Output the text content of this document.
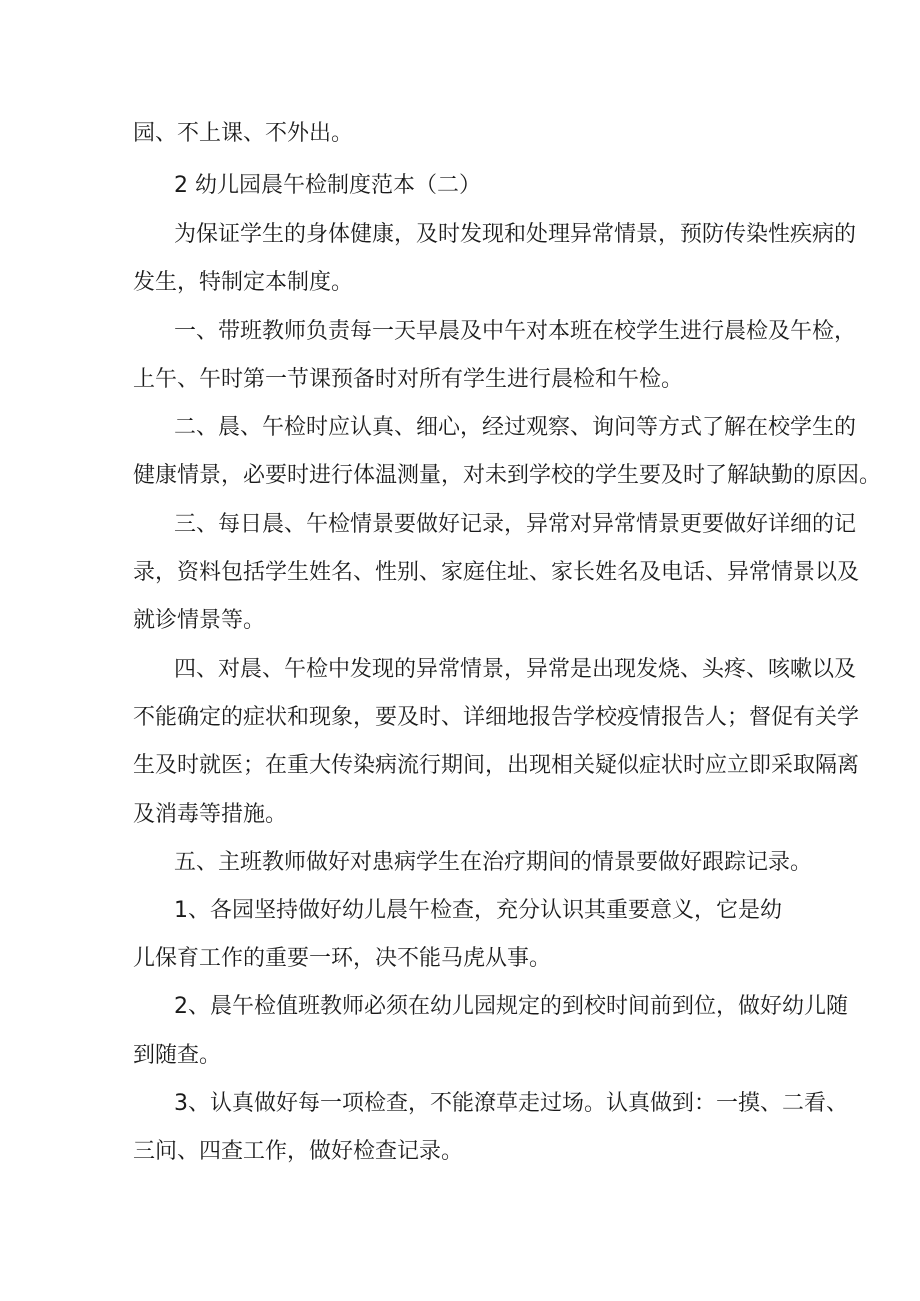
园、不上课、不外出。
2 幼儿园晨午检制度范本（二）
为保证学生的身体健康，及时发现和处理异常情景，预防传染性疾病的
发生，特制定本制度。
一、带班教师负责每一天早晨及中午对本班在校学生进行晨检及午检，
上午、午时第一节课预备时对所有学生进行晨检和午检。
二、晨、午检时应认真、细心，经过观察、询问等方式了解在校学生的
健康情景，必要时进行体温测量，对未到学校的学生要及时了解缺勤的原因。
三、每日晨、午检情景要做好记录，异常对异常情景更要做好详细的记
录，资料包括学生姓名、性别、家庭住址、家长姓名及电话、异常情景以及
就诊情景等。
四、对晨、午检中发现的异常情景，异常是出现发烧、头疼、咳嗽以及
不能确定的症状和现象，要及时、详细地报告学校疫情报告人；督促有关学
生及时就医；在重大传染病流行期间，出现相关疑似症状时应立即采取隔离
及消毒等措施。
五、主班教师做好对患病学生在治疗期间的情景要做好跟踪记录。
1、各园坚持做好幼儿晨午检查，充分认识其重要意义，它是幼
儿保育工作的重要一环，决不能马虎从事。
2、晨午检值班教师必须在幼儿园规定的到校时间前到位，做好幼儿随
到随查。
3、认真做好每一项检查，不能潦草走过场。认真做到：一摸、二看、
三问、四查工作，做好检查记录。
